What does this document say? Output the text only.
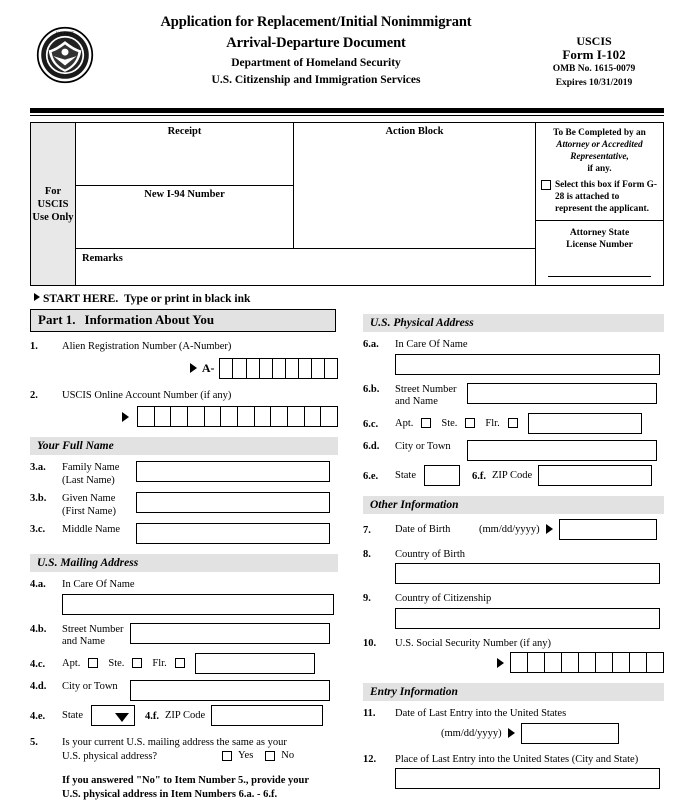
U.S. DEPT
Application for Replacement/Initial Nonimmigrant
Arrival-Departure Document
Department of Homeland Security
U.S. Citizenship and Immigration Services
USCIS
Form I-102
OMB No. 1615-0079
Expires 10/31/2019
For USCIS Use Only
Receipt
New I-94 Number
Action Block
Remarks
To Be Completed by an
Attorney or Accredited
Representative,
if any.
Select this box if Form G-28 is attached to represent the applicant.
Attorney State
License Number
START HERE. Type or print in black ink
Part 1. Information About You
1.	Alien Registration Number (A-Number)
A-
2.	USCIS Online Account Number (if any)
Your Full Name
3.a.	Family Name
(Last Name)
3.b.	Given Name
(First Name)
3.c.	Middle Name
U.S. Mailing Address
4.a.	In Care Of Name
4.b.	Street Number
and Name
4.c.	Apt.	Ste.	Flr.
4.d.	City or Town
4.e.	State	4.f. ZIP Code
5.	Is your current U.S. mailing address the same as your
U.S. physical address?	Yes	No
If you answered "No" to Item Number 5., provide your
U.S. physical address in Item Numbers 6.a. - 6.f.
U.S. Physical Address
6.a.	In Care Of Name
6.b.	Street Number
and Name
6.c.	Apt.	Ste.	Flr.
6.d.	City or Town
6.e.	State	6.f. ZIP Code
Other Information
7.	Date of Birth	(mm/dd/yyyy)
8.	Country of Birth
9.	Country of Citizenship
10.	U.S. Social Security Number (if any)
Entry Information
11.	Date of Last Entry into the United States
(mm/dd/yyyy)
12.	Place of Last Entry into the United States (City and State)
